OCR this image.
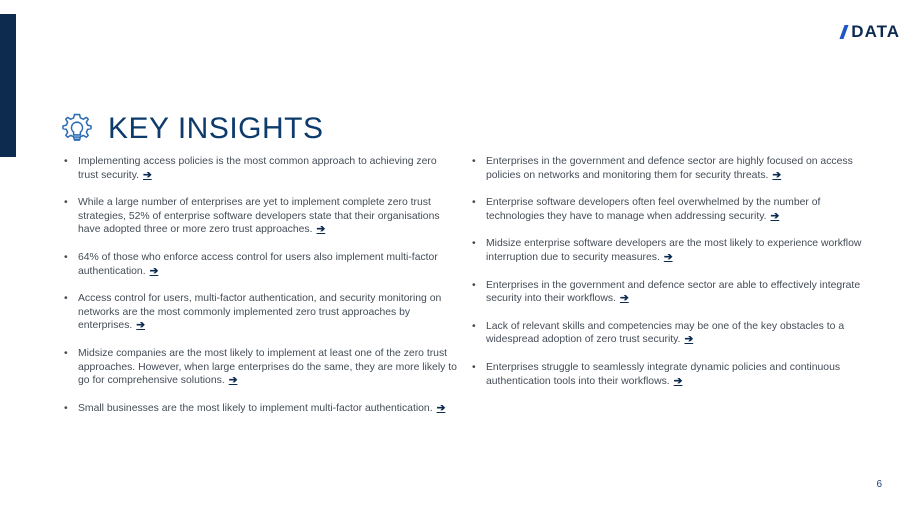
DATA
KEY INSIGHTS
• Implementing access policies is the most common approach to achieving zero trust security. ➔
• While a large number of enterprises are yet to implement complete zero trust strategies, 52% of enterprise software developers state that their organisations have adopted three or more zero trust approaches. ➔
• 64% of those who enforce access control for users also implement multi-factor authentication. ➔
• Access control for users, multi-factor authentication, and security monitoring on networks are the most commonly implemented zero trust approaches by enterprises. ➔
• Midsize companies are the most likely to implement at least one of the zero trust approaches. However, when large enterprises do the same, they are more likely to go for comprehensive solutions. ➔
• Small businesses are the most likely to implement multi-factor authentication. ➔
• Enterprises in the government and defence sector are highly focused on access policies on networks and monitoring them for security threats. ➔
• Enterprise software developers often feel overwhelmed by the number of technologies they have to manage when addressing security. ➔
• Midsize enterprise software developers are the most likely to experience workflow interruption due to security measures. ➔
• Enterprises in the government and defence sector are able to effectively integrate security into their workflows. ➔
• Lack of relevant skills and competencies may be one of the key obstacles to a widespread adoption of zero trust security. ➔
• Enterprises struggle to seamlessly integrate dynamic policies and continuous authentication tools into their workflows. ➔
6
